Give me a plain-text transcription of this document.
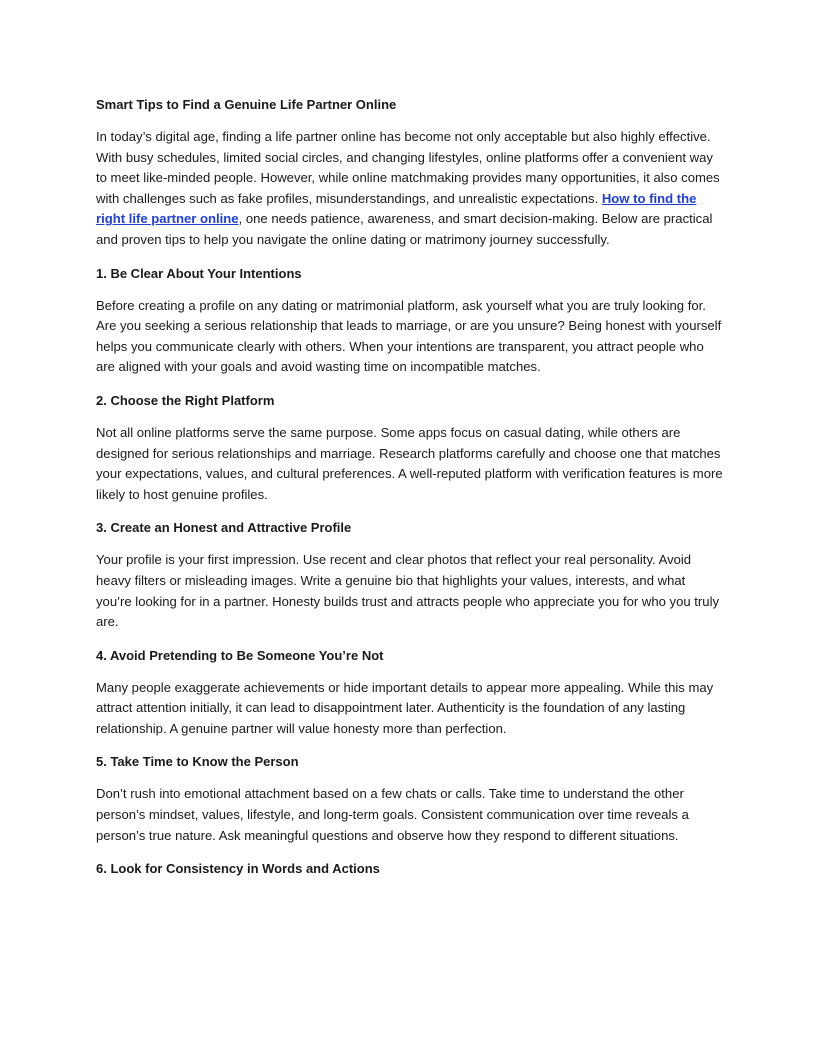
Smart Tips to Find a Genuine Life Partner Online

In today’s digital age, finding a life partner online has become not only acceptable but also highly effective. With busy schedules, limited social circles, and changing lifestyles, online platforms offer a convenient way to meet like-minded people. However, while online matchmaking provides many opportunities, it also comes with challenges such as fake profiles, misunderstandings, and unrealistic expectations. How to find the right life partner online, one needs patience, awareness, and smart decision-making. Below are practical and proven tips to help you navigate the online dating or matrimony journey successfully.

1. Be Clear About Your Intentions

Before creating a profile on any dating or matrimonial platform, ask yourself what you are truly looking for. Are you seeking a serious relationship that leads to marriage, or are you unsure? Being honest with yourself helps you communicate clearly with others. When your intentions are transparent, you attract people who are aligned with your goals and avoid wasting time on incompatible matches.

2. Choose the Right Platform

Not all online platforms serve the same purpose. Some apps focus on casual dating, while others are designed for serious relationships and marriage. Research platforms carefully and choose one that matches your expectations, values, and cultural preferences. A well-reputed platform with verification features is more likely to host genuine profiles.

3. Create an Honest and Attractive Profile

Your profile is your first impression. Use recent and clear photos that reflect your real personality. Avoid heavy filters or misleading images. Write a genuine bio that highlights your values, interests, and what you’re looking for in a partner. Honesty builds trust and attracts people who appreciate you for who you truly are.

4. Avoid Pretending to Be Someone You’re Not

Many people exaggerate achievements or hide important details to appear more appealing. While this may attract attention initially, it can lead to disappointment later. Authenticity is the foundation of any lasting relationship. A genuine partner will value honesty more than perfection.

5. Take Time to Know the Person

Don’t rush into emotional attachment based on a few chats or calls. Take time to understand the other person’s mindset, values, lifestyle, and long-term goals. Consistent communication over time reveals a person’s true nature. Ask meaningful questions and observe how they respond to different situations.

6. Look for Consistency in Words and Actions
